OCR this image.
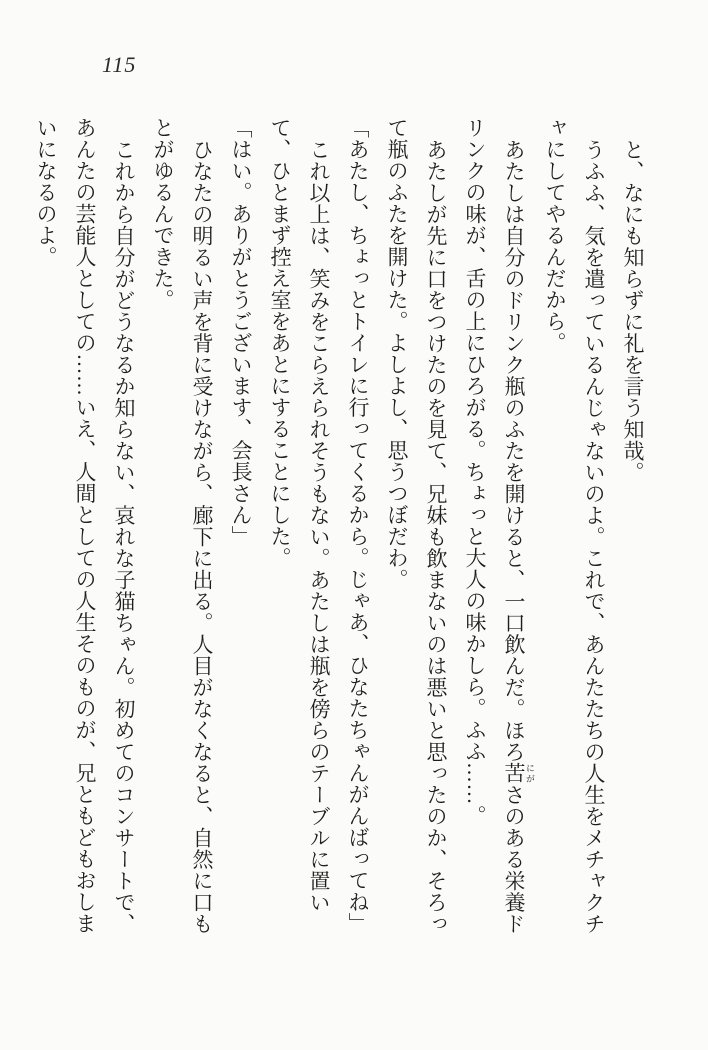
115

と、なにも知らずに礼を言う知哉。

うふふ、気を遣っているんじゃないのよ。これで、あんたたちの人生をメチャクチャにしてやるんだから。

あたしは自分のドリンク瓶のふたを開けると、一口飲んだ。ほろ苦 にがさのある栄養ドリンクの味が、舌の上にひろがる。ちょっと大人の味かしら。ふふ……。

あたしが先に口をつけたのを見て、兄妹も飲まないのは悪いと思ったのか、そろって瓶のふたを開けた。よしよし、思うつぼだわ。

「あたし、ちょっとトイレに行ってくるから。じゃあ、ひなたちゃんがんばってね」

これ以上は、笑みをこらえられそうもない。あたしは瓶を傍らのテーブルに置いて、ひとまず控え室をあとにすることにした。

「はい。ありがとうございます、会長さん」

ひなたの明るい声を背に受けながら、廊下に出る。人目がなくなると、自然に口もとがゆるんできた。

これから自分がどうなるか知らない、哀れな子猫ちゃん。初めてのコンサートで、あんたの芸能人としての……いえ、人間としての人生そのものが、兄ともどもおしまいになるのよ。
